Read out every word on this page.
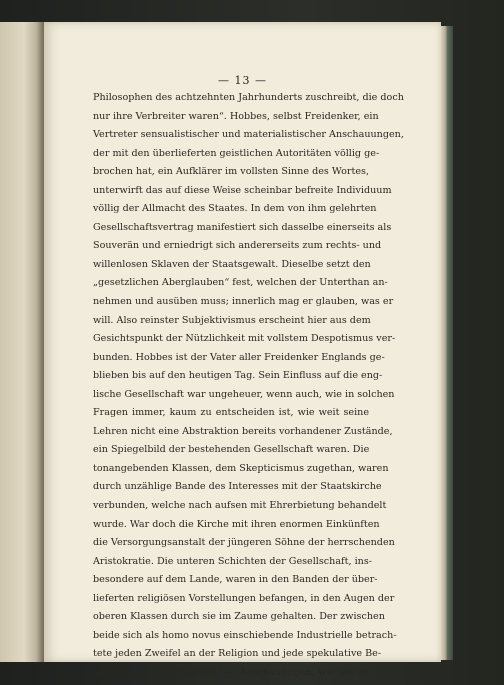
— 13 —
Philosophen des achtzehnten Jahrhunderts zuschreibt, die doch
nur ihre Verbreiter waren“. Hobbes, selbst Freidenker, ein
Vertreter sensualistischer und materialistischer Anschauungen,
der mit den überlieferten geistlichen Autoritäten völlig ge-
brochen hat, ein Aufklärer im vollsten Sinne des Wortes,
unterwirft das auf diese Weise scheinbar befreite Individuum
völlig der Allmacht des Staates. In dem von ihm gelehrten
Gesellschaftsvertrag manifestiert sich dasselbe einerseits als
Souverän und erniedrigt sich andererseits zum rechts- und
willenlosen Sklaven der Staatsgewalt. Dieselbe setzt den
„gesetzlichen Aberglauben“ fest, welchen der Unterthan an-
nehmen und ausüben muss; innerlich mag er glauben, was er
will. Also reinster Subjektivismus erscheint hier aus dem
Gesichtspunkt der Nützlichkeit mit vollstem Despotismus ver-
bunden. Hobbes ist der Vater aller Freidenker Englands ge-
blieben bis auf den heutigen Tag. Sein Einfluss auf die eng-
lische Gesellschaft war ungeheuer, wenn auch, wie in solchen
Fragen immer, kaum zu entscheiden ist, wie weit seine
Lehren nicht eine Abstraktion bereits vorhandener Zustände,
ein Spiegelbild der bestehenden Gesellschaft waren. Die
tonangebenden Klassen, dem Skepticismus zugethan, waren
durch unzählige Bande des Interesses mit der Staatskirche
verbunden, welche nach aufsen mit Ehrerbietung behandelt
wurde. War doch die Kirche mit ihren enormen Einkünften
die Versorgungsanstalt der jüngeren Söhne der herrschenden
Aristokratie. Die unteren Schichten der Gesellschaft, ins-
besondere auf dem Lande, waren in den Banden der über-
lieferten religiösen Vorstellungen befangen, in den Augen der
oberen Klassen durch sie im Zaume gehalten. Der zwischen
beide sich als homo novus einschiebende Industrielle betrach-
tete jeden Zweifel an der Religion und jede spekulative Be-
mühung als „unpraktisch“ — Anschauungen, wie sie im
